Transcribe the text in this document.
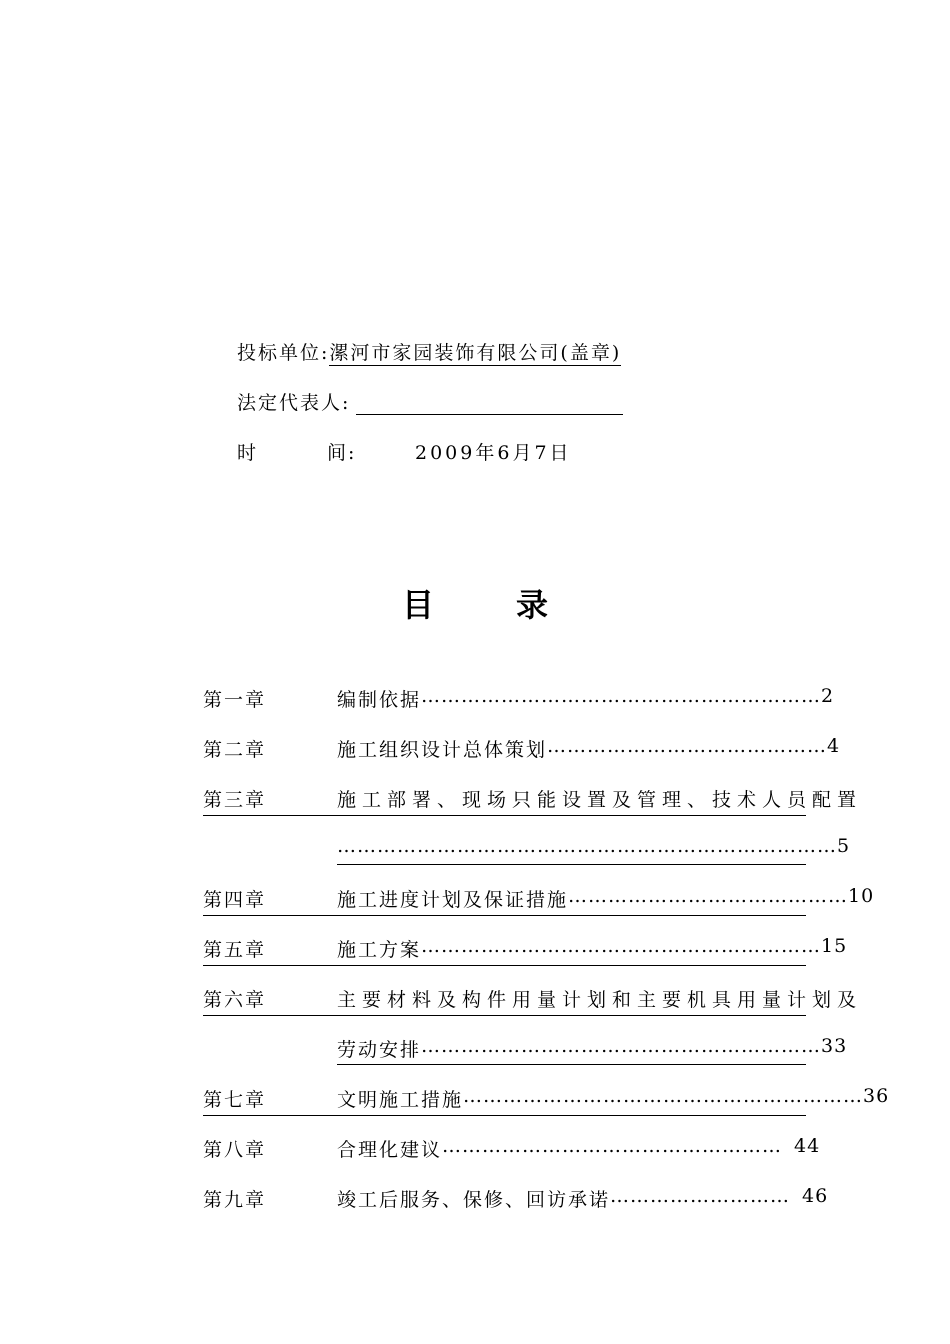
投标单位:漯河市家园装饰有限公司(盖章)
法定代表人:
时	间:	2009年6月7日
目	录
第一章	编制依据 …………………………………………………… 2
第二章	施工组织设计总体策划 …………………………………… 4
第三章	施工部署、现场只能设置及管理、技术人员配置
………………………………………………………………… 5
第四章	施工进度计划及保证措施 …………………………………… 10
第五章	施工方案 …………………………………………………… 15
第六章	主要材料及构件用量计划和主要机具用量计划及
劳动安排 …………………………………………………… 33
第七章	文明施工措施 …………………………………………………… 36
第八章	合理化建议 …………………………………………… 44
第九章	竣工后服务、保修、回访承诺 ……………………… 46
